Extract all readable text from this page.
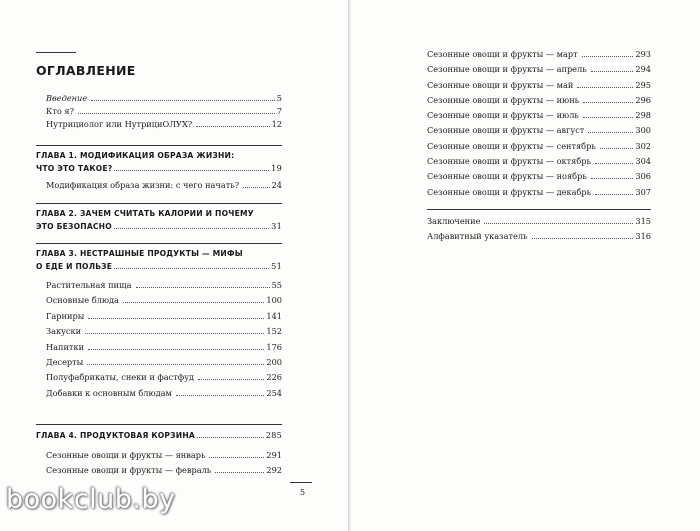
ОГЛАВЛЕНИЕ
Введение	5
Кто я?	7
Нутрициолог или НутрициОЛУХ?	12
ГЛАВА 1. МОДИФИКАЦИЯ ОБРАЗА ЖИЗНИ:
ЧТО ЭТО ТАКОЕ?	19
Модификация образа жизни: с чего начать?	24
ГЛАВА 2. ЗАЧЕМ СЧИТАТЬ КАЛОРИИ И ПОЧЕМУ
ЭТО БЕЗОПАСНО	31
ГЛАВА 3. НЕСТРАШНЫЕ ПРОДУКТЫ — МИФЫ
О ЕДЕ И ПОЛЬЗЕ	51
Растительная пища	55
Основные блюда	100
Гарниры	141
Закуски	152
Напитки	176
Десерты	200
Полуфабрикаты, снеки и фастфуд	226
Добавки к основным блюдам	254
ГЛАВА 4. ПРОДУКТОВАЯ КОРЗИНА	285
Сезонные овощи и фрукты — январь	291
Сезонные овощи и фрукты — февраль	292
5
bookclub.by
Сезонные овощи и фрукты — март	293
Сезонные овощи и фрукты — апрель	294
Сезонные овощи и фрукты — май	295
Сезонные овощи и фрукты — июнь	296
Сезонные овощи и фрукты — июль	298
Сезонные овощи и фрукты — август	300
Сезонные овощи и фрукты — сентябрь	302
Сезонные овощи и фрукты — октябрь	304
Сезонные овощи и фрукты — ноябрь	306
Сезонные овощи и фрукты — декабрь	307
Заключение	315
Алфавитный указатель	316
